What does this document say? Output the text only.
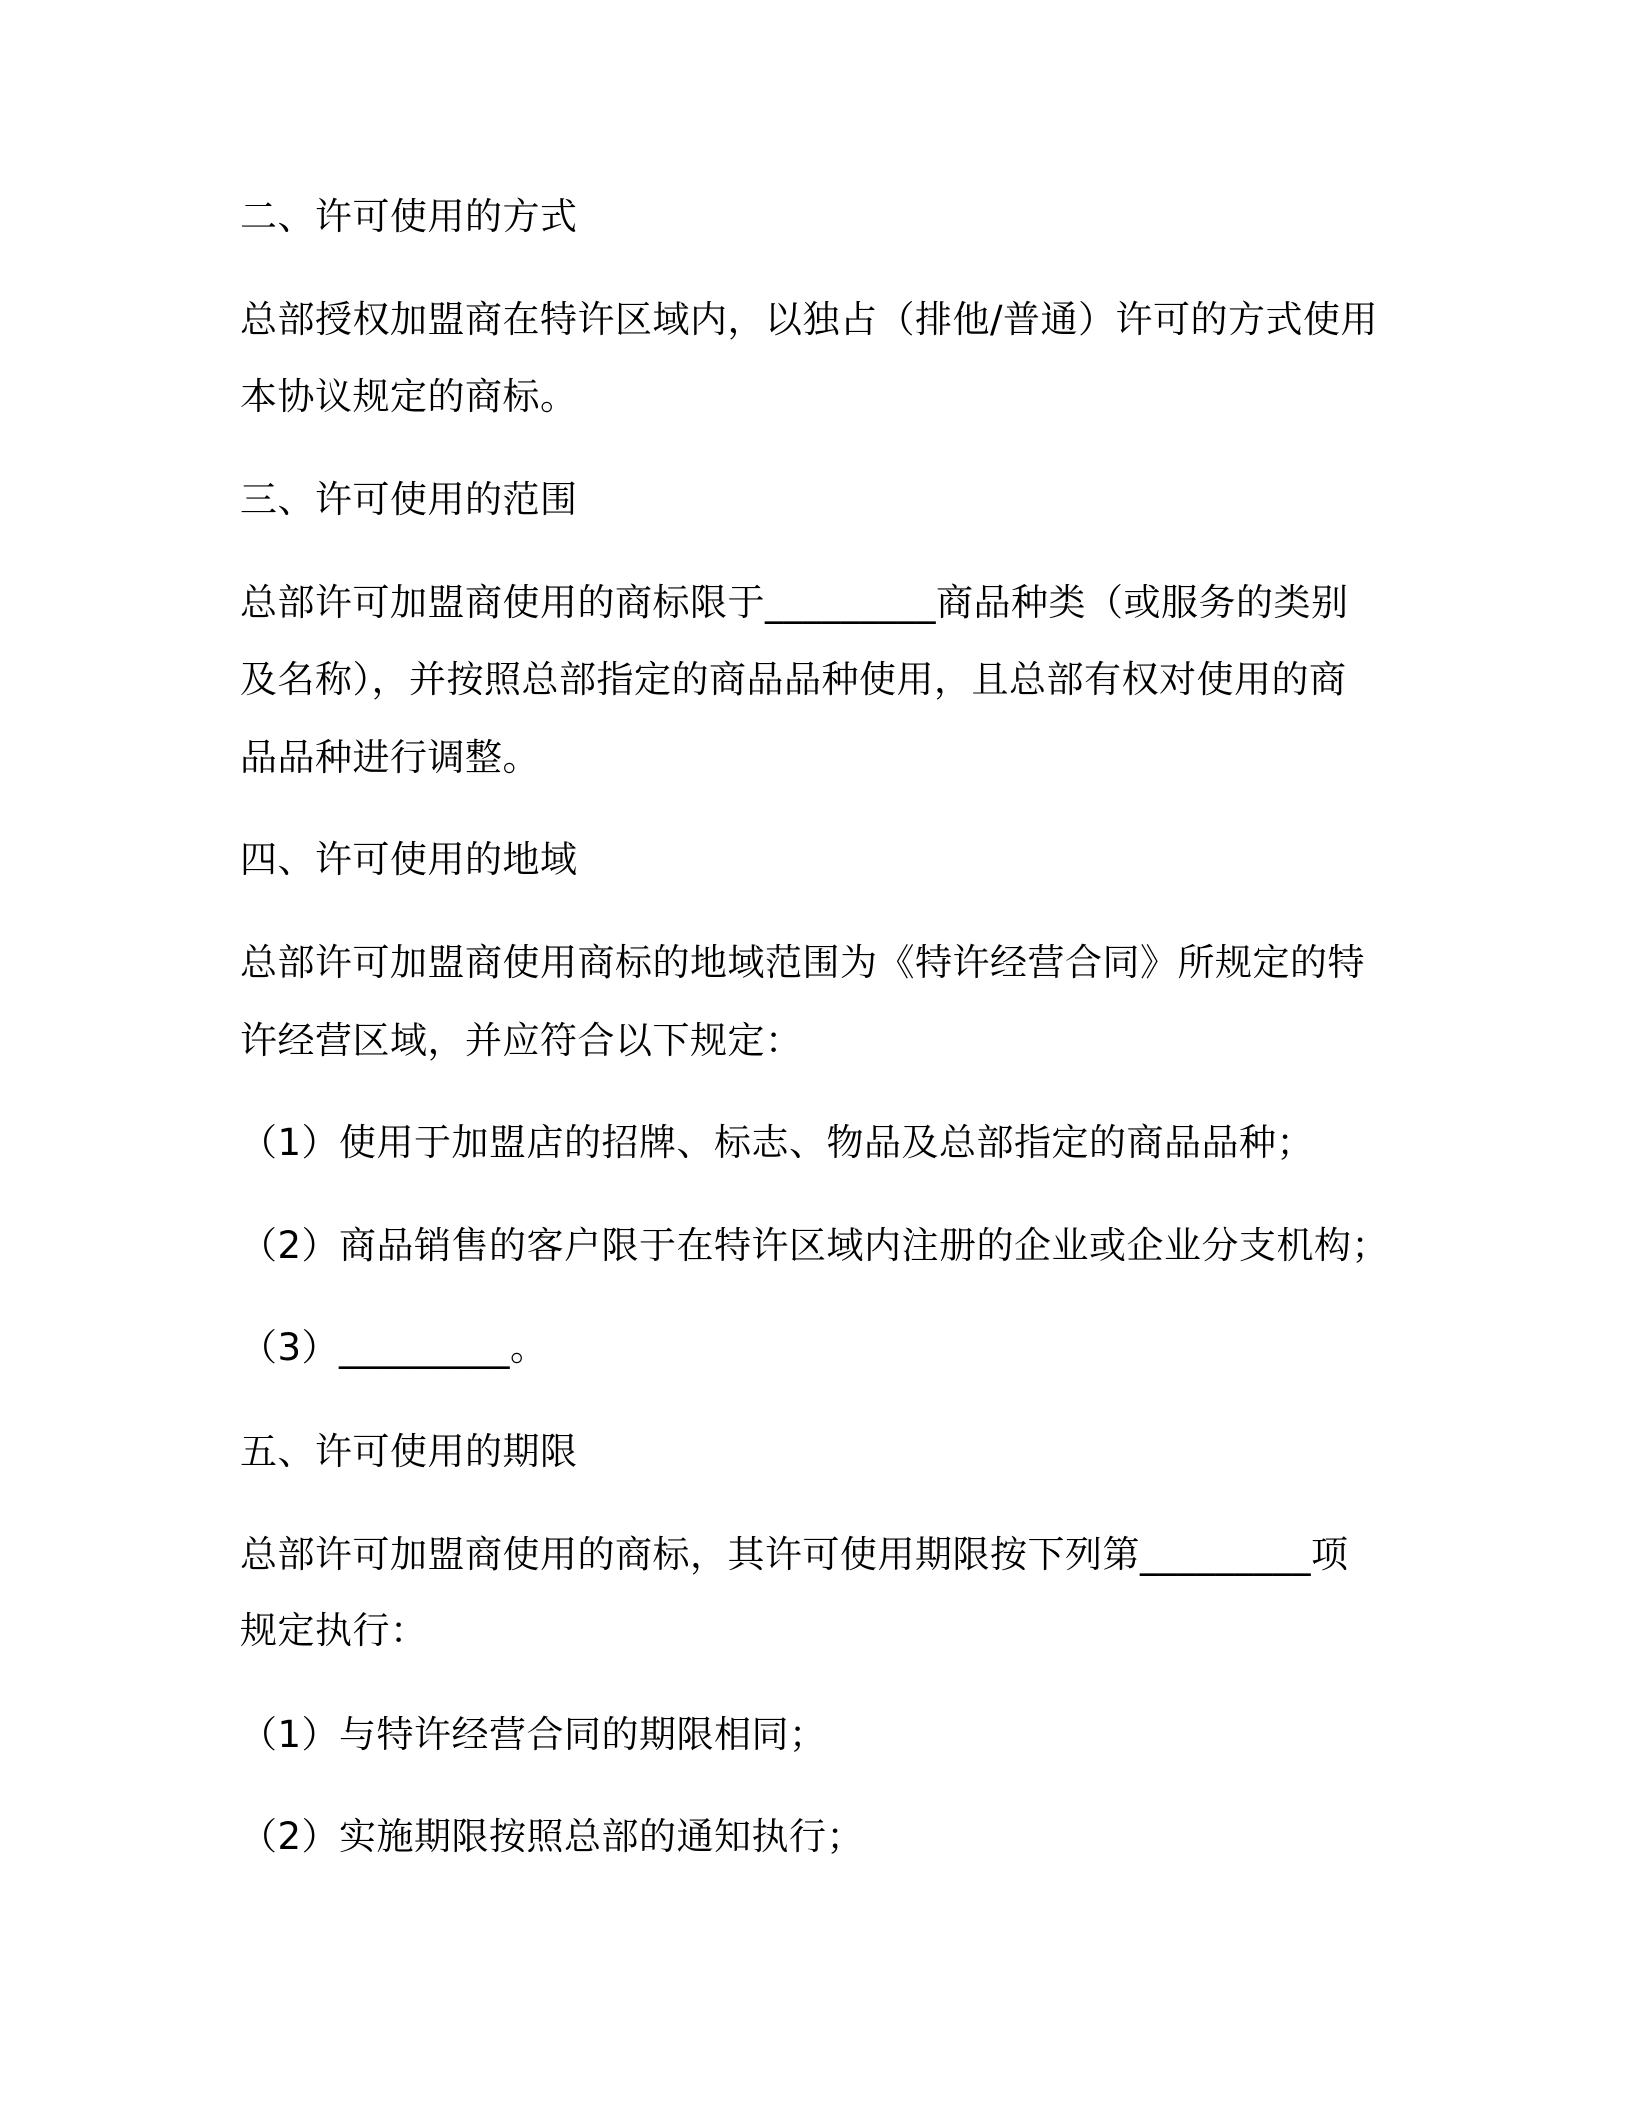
二、许可使用的方式
总部授权加盟商在特许区域内，以独占（排他/普通）许可的方式使用
本协议规定的商标。
三、许可使用的范围
总部许可加盟商使用的商标限于_________商品种类（或服务的类别
及名称），并按照总部指定的商品品种使用，且总部有权对使用的商
品品种进行调整。
四、许可使用的地域
总部许可加盟商使用商标的地域范围为《特许经营合同》所规定的特
许经营区域，并应符合以下规定：
（1）使用于加盟店的招牌、标志、物品及总部指定的商品品种；
（2）商品销售的客户限于在特许区域内注册的企业或企业分支机构；
（3）_________。
五、许可使用的期限
总部许可加盟商使用的商标，其许可使用期限按下列第_________项
规定执行：
（1）与特许经营合同的期限相同；
（2）实施期限按照总部的通知执行；
